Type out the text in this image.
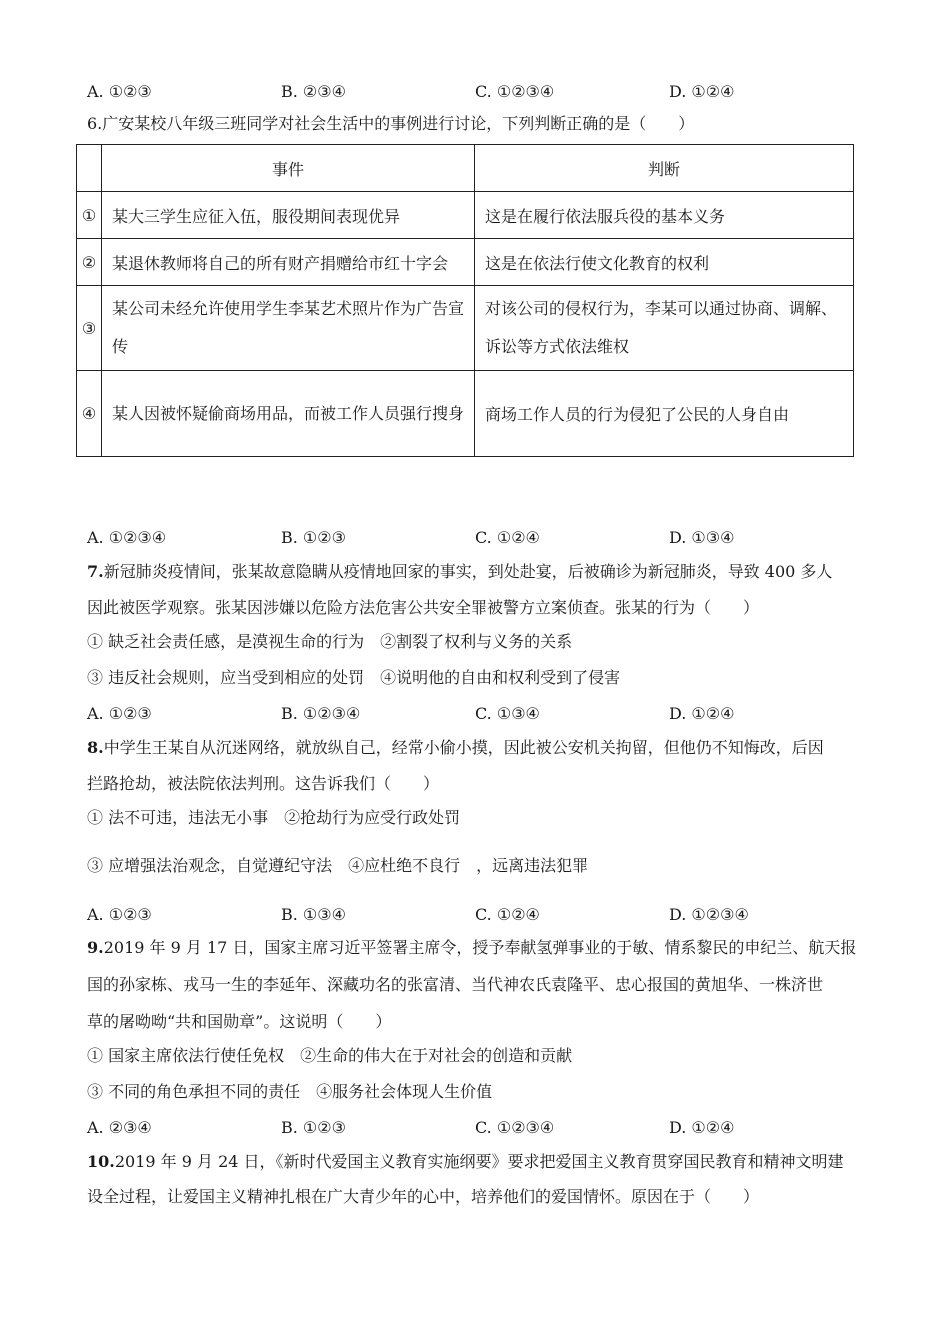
A. ①②③	B. ②③④	C. ①②③④	D. ①②④
6.广安某校八年级三班同学对社会生活中的事例进行讨论，下列判断正确的是（　　）
	事件	判断
①	某大三学生应征入伍，服役期间表现优异	这是在履行依法服兵役的基本义务
②	某退休教师将自己的所有财产捐赠给市红十字会	这是在依法行使文化教育的权利
③	某公司未经允许使用学生李某艺术照片作为广告宣传	对该公司的侵权行为，李某可以通过协商、调解、诉讼等方式依法维权
④	某人因被怀疑偷商场用品，而被工作人员强行搜身	商场工作人员的行为侵犯了公民的人身自由
A. ①②③④	B. ①②③	C. ①②④	D. ①③④
7.新冠肺炎疫情间，张某故意隐瞒从疫情地回家的事实，到处赴宴，后被确诊为新冠肺炎，导致 400 多人
因此被医学观察。张某因涉嫌以危险方法危害公共安全罪被警方立案侦查。张某的行为（　　）
① 缺乏社会责任感，是漠视生命的行为　②割裂了权利与义务的关系
③ 违反社会规则，应当受到相应的处罚　④说明他的自由和权利受到了侵害
A. ①②③	B. ①②③④	C. ①③④	D. ①②④
8.中学生王某自从沉迷网络，就放纵自己，经常小偷小摸，因此被公安机关拘留，但他仍不知悔改，后因
拦路抢劫，被法院依法判刑。这告诉我们（　　）
① 法不可违，违法无小事　②抢劫行为应受行政处罚
③ 应增强法治观念，自觉遵纪守法　④应杜绝不良行　，远离违法犯罪
A. ①②③	B. ①③④	C. ①②④	D. ①②③④
9.2019 年 9 月 17 日，国家主席习近平签署主席令，授予奉献氢弹事业的于敏、情系黎民的申纪兰、航天报
国的孙家栋、戎马一生的李延年、深藏功名的张富清、当代神农氏袁隆平、忠心报国的黄旭华、一株济世
草的屠呦呦“共和国勋章”。这说明（　　）
① 国家主席依法行使任免权　②生命的伟大在于对社会的创造和贡献
③ 不同的角色承担不同的责任　④服务社会体现人生价值
A. ②③④	B. ①②③	C. ①②③④	D. ①②④
10.2019 年 9 月 24 日，《新时代爱国主义教育实施纲要》要求把爱国主义教育贯穿国民教育和精神文明建
设全过程，让爱国主义精神扎根在广大青少年的心中，培养他们的爱国情怀。原因在于（　　）
